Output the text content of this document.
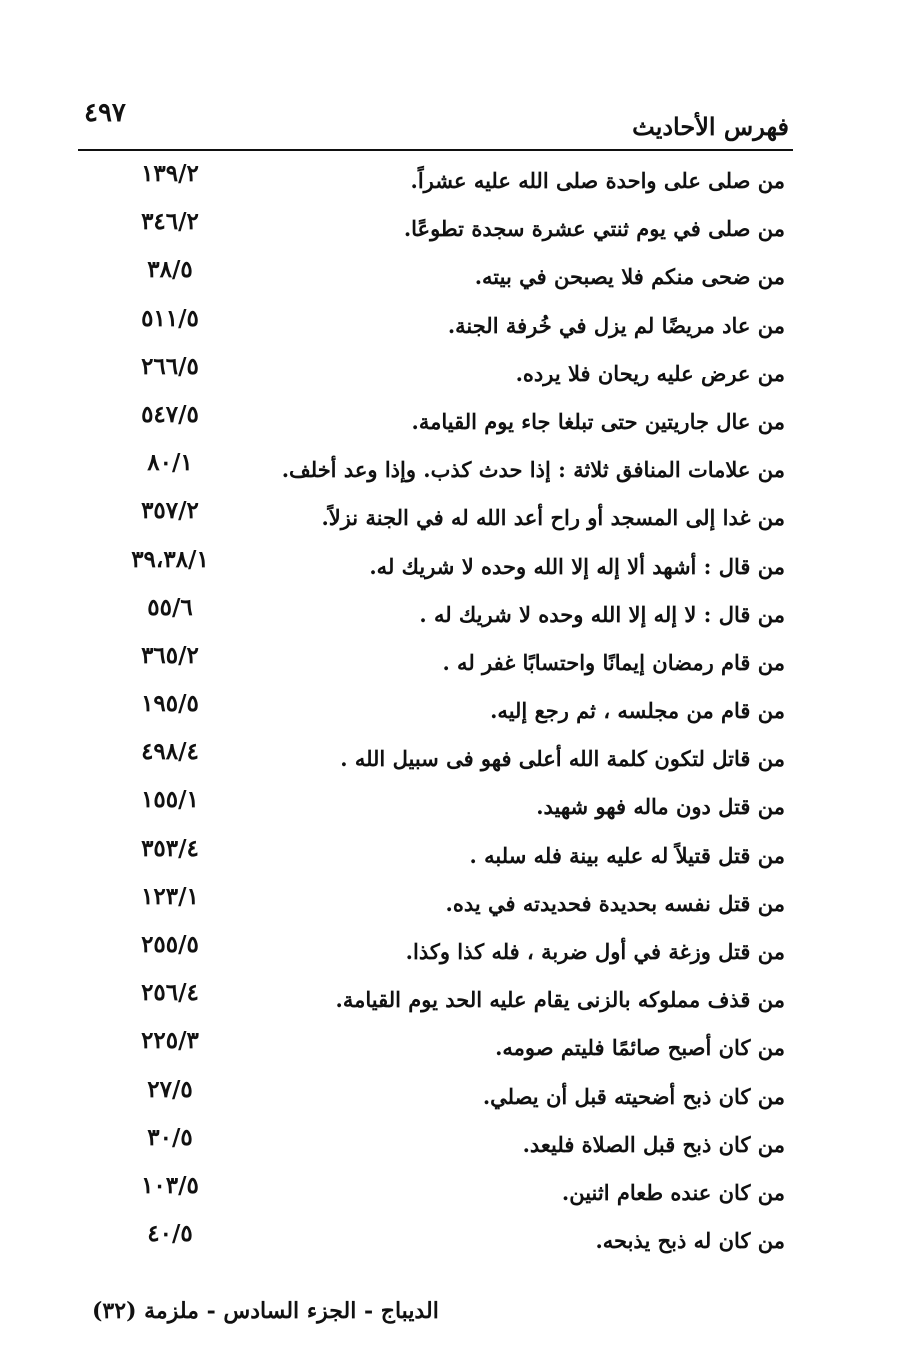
٤٩٧	فهرس الأحاديث
من صلى على واحدة صلى الله عليه عشراً.
١٣٩/٢
من صلى في يوم ثنتي عشرة سجدة تطوعًا.
٣٤٦/٢
من ضحى منكم فلا يصبحن في بيته.
٣٨/٥
من عاد مريضًا لم يزل في خُرفة الجنة.
٥١١/٥
من عرض عليه ريحان فلا يرده.
٢٦٦/٥
من عال جاريتين حتى تبلغا جاء يوم القيامة.
٥٤٧/٥
من علامات المنافق ثلاثة : إذا حدث كذب. وإذا وعد أخلف.
٨٠/١
من غدا إلى المسجد أو راح أعد الله له في الجنة نزلاً.
٣٥٧/٢
من قال : أشهد ألا إله إلا الله وحده لا شريك له.
٣٩،٣٨/١
من قال : لا إله إلا الله وحده لا شريك له .
٥٥/٦
من قام رمضان إيمانًا واحتسابًا غفر له .
٣٦٥/٢
من قام من مجلسه ، ثم رجع إليه.
١٩٥/٥
من قاتل لتكون كلمة الله أعلى فهو فى سبيل الله .
٤٩٨/٤
من قتل دون ماله فهو شهيد.
١٥٥/١
من قتل قتيلاً له عليه بينة فله سلبه .
٣٥٣/٤
من قتل نفسه بحديدة فحديدته في يده.
١٢٣/١
من قتل وزغة في أول ضربة ، فله كذا وكذا.
٢٥٥/٥
من قذف مملوكه بالزنى يقام عليه الحد يوم القيامة.
٢٥٦/٤
من كان أصبح صائمًا فليتم صومه.
٢٢٥/٣
من كان ذبح أضحيته قبل أن يصلي.
٢٧/٥
من كان ذبح قبل الصلاة فليعد.
٣٠/٥
من كان عنده طعام اثنين.
١٠٣/٥
من كان له ذبح يذبحه.
٤٠/٥
الديباج - الجزء السادس - ملزمة (٣٢)
